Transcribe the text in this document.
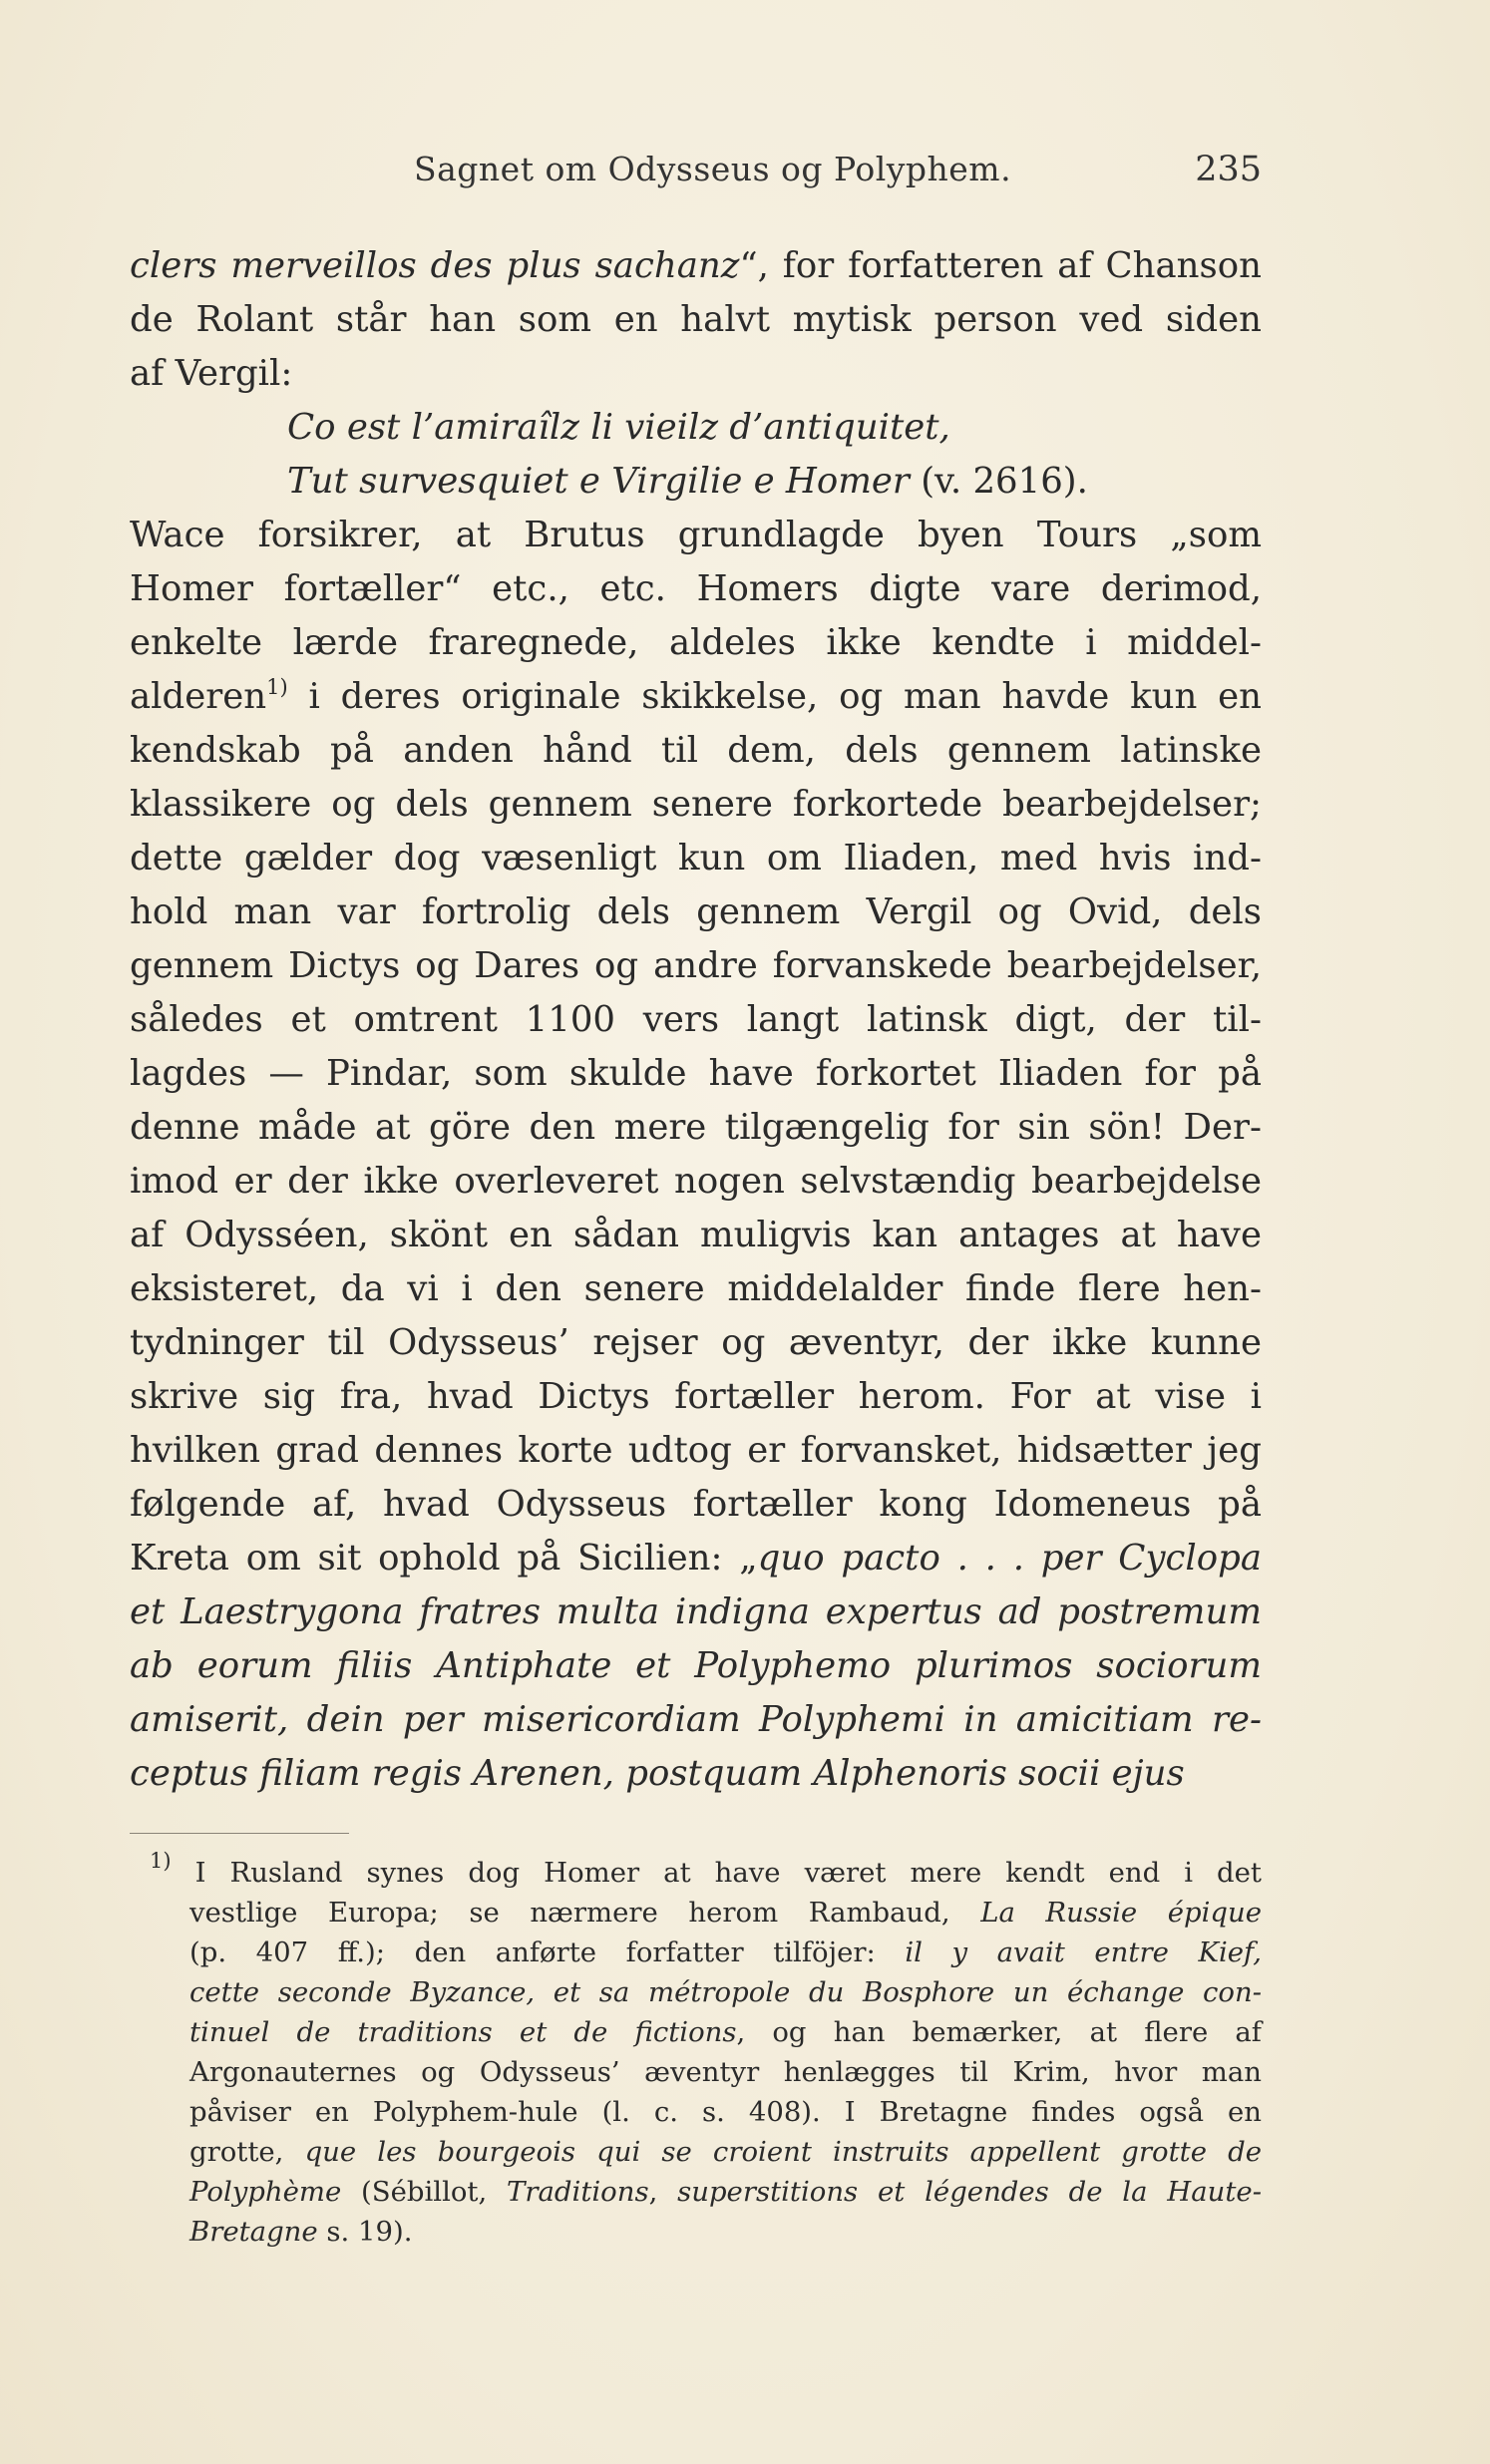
Sagnet om Odysseus og Polyphem.	235
clers merveillos des plus sachanz“, for forfatteren af Chanson
de Rolant står han som en halvt mytisk person ved siden
af Vergil:
Co est l’amiraîlz li vieilz d’antiquitet,
Tut survesquiet e Virgilie e Homer (v. 2616).
Wace forsikrer, at Brutus grundlagde byen Tours „som
Homer fortæller“ etc., etc. Homers digte vare derimod,
enkelte lærde fraregnede, aldeles ikke kendte i middel-
alderen$^{1)}$ i deres originale skikkelse, og man havde kun en
kendskab på anden hånd til dem, dels gennem latinske
klassikere og dels gennem senere forkortede bearbejdelser;
dette gælder dog væsenligt kun om Iliaden, med hvis ind-
hold man var fortrolig dels gennem Vergil og Ovid, dels
gennem Dictys og Dares og andre forvanskede bearbejdelser,
således et omtrent 1100 vers langt latinsk digt, der til-
lagdes — Pindar, som skulde have forkortet Iliaden for på
denne måde at göre den mere tilgængelig for sin sön! Der-
imod er der ikke overleveret nogen selvstændig bearbejdelse
af Odysséen, skönt en sådan muligvis kan antages at have
eksisteret, da vi i den senere middelalder finde flere hen-
tydninger til Odysseus’ rejser og æventyr, der ikke kunne
skrive sig fra, hvad Dictys fortæller herom. For at vise i
hvilken grad dennes korte udtog er forvansket, hidsætter jeg
følgende af, hvad Odysseus fortæller kong Idomeneus på
Kreta om sit ophold på Sicilien: „quo pacto . . . per Cyclopa
et Laestrygona fratres multa indigna expertus ad postremum
ab eorum filiis Antiphate et Polyphemo plurimos sociorum
amiserit, dein per misericordiam Polyphemi in amicitiam re-
ceptus filiam regis Arenen, postquam Alphenoris socii ejus
$^{1)}$ I Rusland synes dog Homer at have været mere kendt end i det
vestlige Europa; se nærmere herom Rambaud, La Russie épique
(p. 407 ff.); den anførte forfatter tilföjer: il y avait entre Kief,
cette seconde Byzance, et sa métropole du Bosphore un échange con-
tinuel de traditions et de fictions, og han bemærker, at flere af
Argonauternes og Odysseus’ æventyr henlægges til Krim, hvor man
påviser en Polyphem-hule (l. c. s. 408). I Bretagne findes også en
grotte, que les bourgeois qui se croient instruits appellent grotte de
Polyphème (Sébillot, Traditions, superstitions et légendes de la Haute-
Bretagne s. 19).
